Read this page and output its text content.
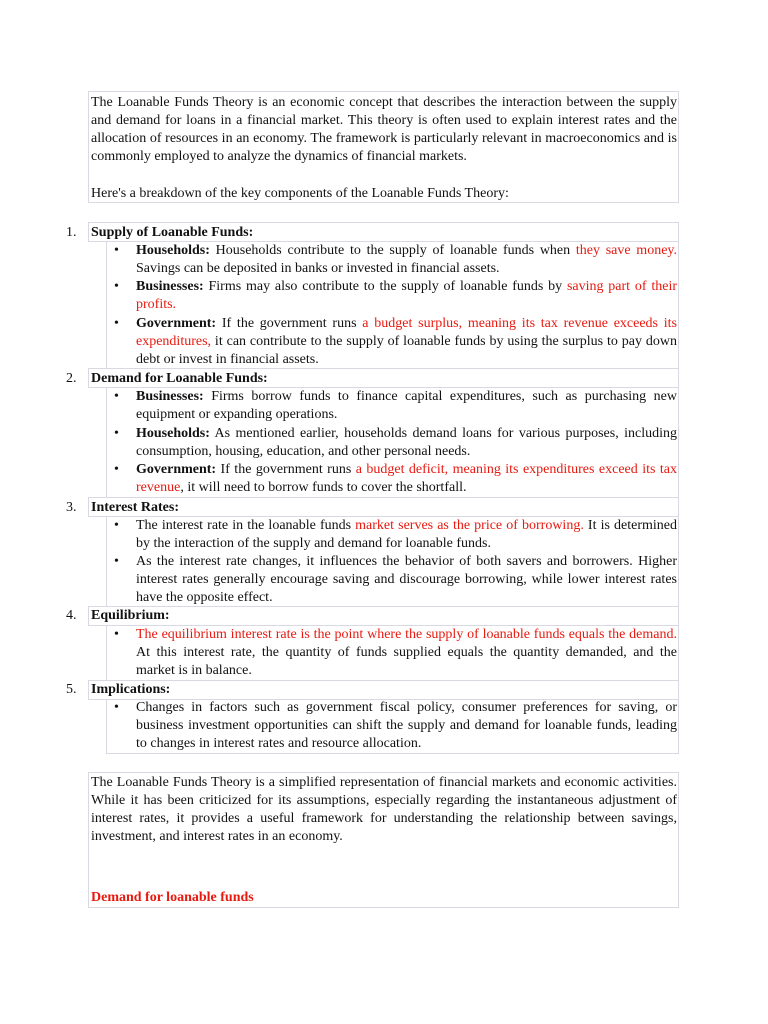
The Loanable Funds Theory is an economic concept that describes the interaction between the supply and demand for loans in a financial market. This theory is often used to explain interest rates and the allocation of resources in an economy. The framework is particularly relevant in macroeconomics and is commonly employed to analyze the dynamics of financial markets.

Here's a breakdown of the key components of the Loanable Funds Theory:

1.	Supply of Loanable Funds:
• Households: Households contribute to the supply of loanable funds when they save money. Savings can be deposited in banks or invested in financial assets.

• Businesses: Firms may also contribute to the supply of loanable funds by saving part of their profits.

• Government: If the government runs a budget surplus, meaning its tax revenue exceeds its expenditures, it can contribute to the supply of loanable funds by using the surplus to pay down debt or invest in financial assets.

2.	Demand for Loanable Funds:
• Businesses: Firms borrow funds to finance capital expenditures, such as purchasing new equipment or expanding operations.

• Households: As mentioned earlier, households demand loans for various purposes, including consumption, housing, education, and other personal needs.

• Government: If the government runs a budget deficit, meaning its expenditures exceed its tax revenue, it will need to borrow funds to cover the shortfall.

3.	Interest Rates:
• The interest rate in the loanable funds market serves as the price of borrowing. It is determined by the interaction of the supply and demand for loanable funds.

• As the interest rate changes, it influences the behavior of both savers and borrowers. Higher interest rates generally encourage saving and discourage borrowing, while lower interest rates have the opposite effect.

4.	Equilibrium:
• The equilibrium interest rate is the point where the supply of loanable funds equals the demand. At this interest rate, the quantity of funds supplied equals the quantity demanded, and the market is in balance.

5.	Implications:
• Changes in factors such as government fiscal policy, consumer preferences for saving, or business investment opportunities can shift the supply and demand for loanable funds, leading to changes in interest rates and resource allocation.

The Loanable Funds Theory is a simplified representation of financial markets and economic activities. While it has been criticized for its assumptions, especially regarding the instantaneous adjustment of interest rates, it provides a useful framework for understanding the relationship between savings, investment, and interest rates in an economy.

Demand for loanable funds
